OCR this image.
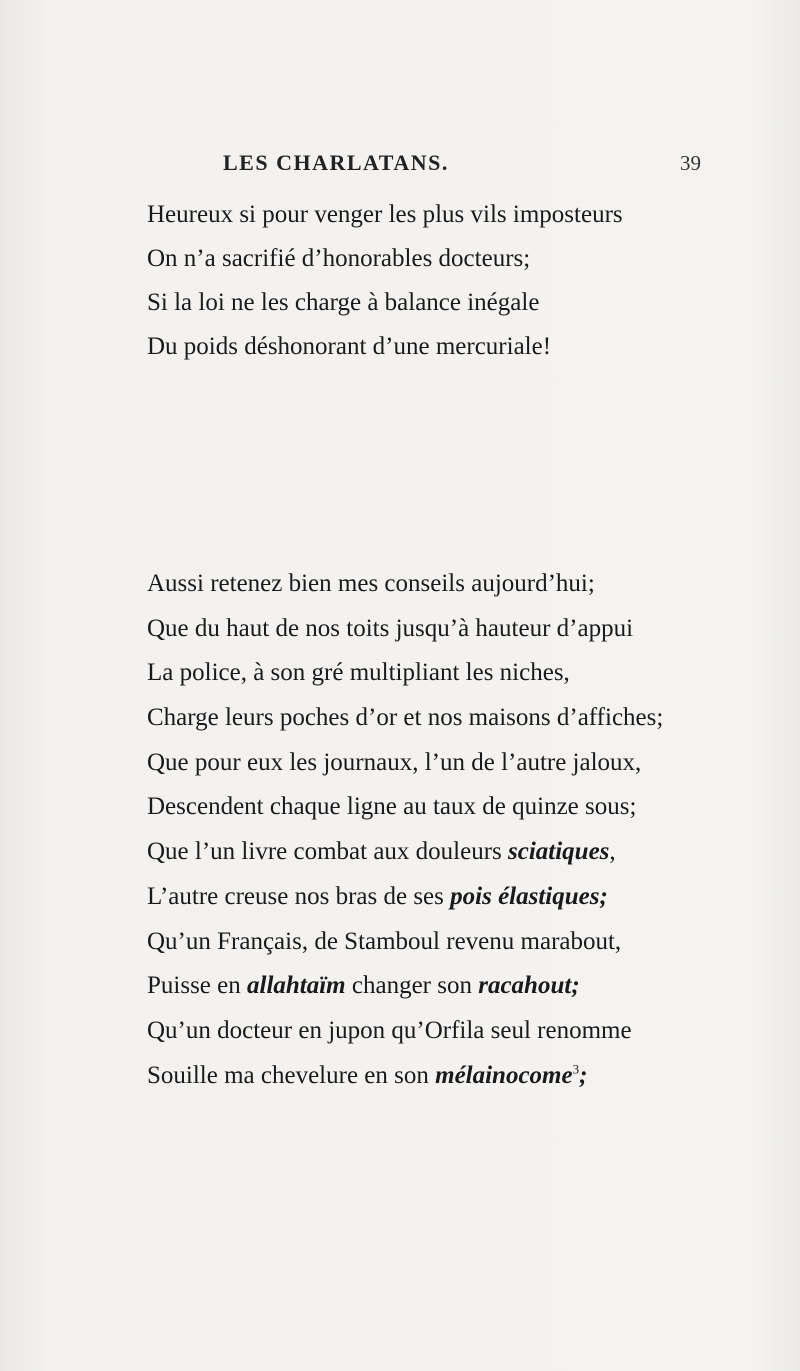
LES CHARLATANS.	39
Heureux si pour venger les plus vils imposteurs
On n’a sacrifié d’honorables docteurs;
Si la loi ne les charge à balance inégale
Du poids déshonorant d’une mercuriale!
Aussi retenez bien mes conseils aujourd’hui;
Que du haut de nos toits jusqu’à hauteur d’appui
La police, à son gré multipliant les niches,
Charge leurs poches d’or et nos maisons d’affiches;
Que pour eux les journaux, l’un de l’autre jaloux,
Descendent chaque ligne au taux de quinze sous;
Que l’un livre combat aux douleurs sciatiques,
L’autre creuse nos bras de ses pois élastiques;
Qu’un Français, de Stamboul revenu marabout,
Puisse en allahtaïm changer son racahout;
Qu’un docteur en jupon qu’Orfila seul renomme
Souille ma chevelure en son mélainocome$^3$;
